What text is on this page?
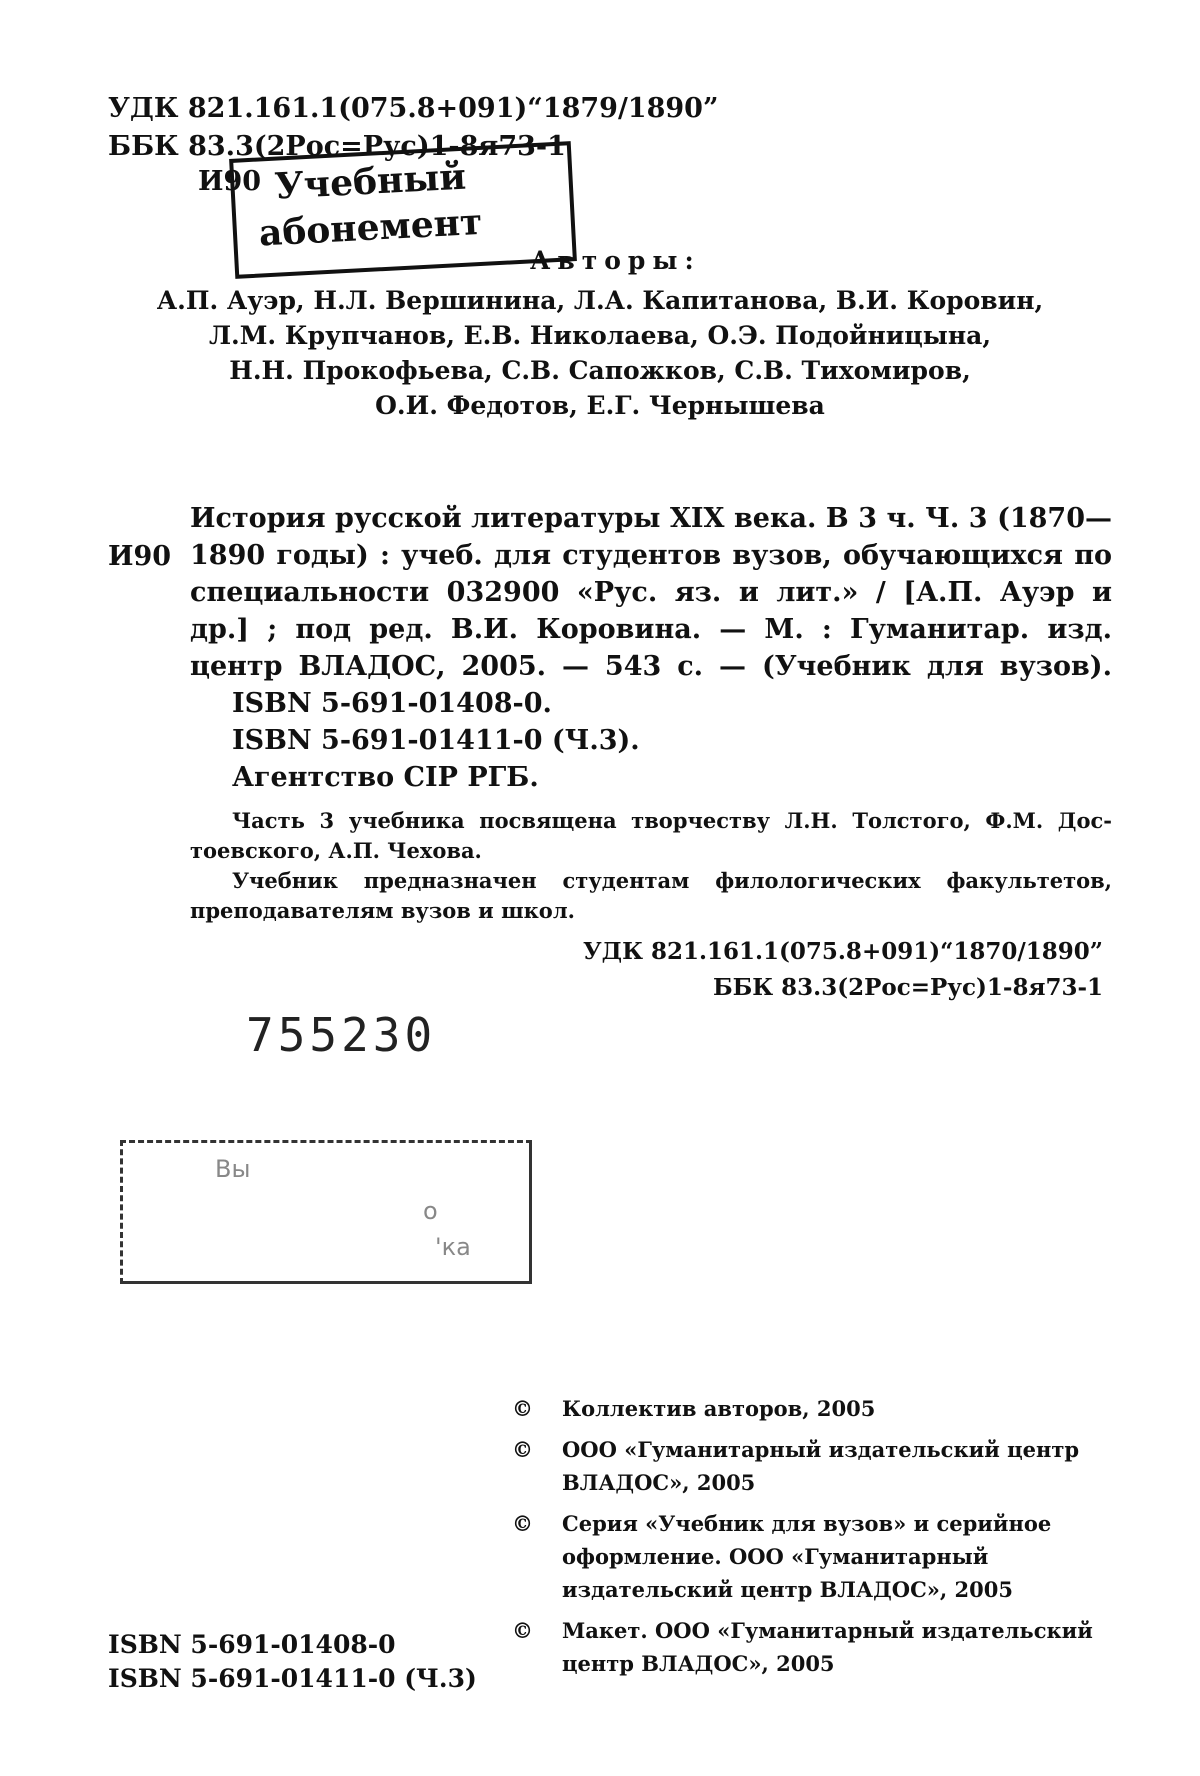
УДК 821.161.1(075.8+091)“1879/1890”
ББК 83.3(2Рос=Рус)1-8я73-1
И90 Учебный
абонемент
Авторы:
А.П. Ауэр, Н.Л. Вершинина, Л.А. Капитанова, В.И. Коровин,
Л.М. Крупчанов, Е.В. Николаева, О.Э. Подойницына,
Н.Н. Прокофьева, С.В. Сапожков, С.В. Тихомиров,
О.И. Федотов, Е.Г. Чернышева
И90
История русской литературы XIX века. В 3 ч. Ч. 3 (1870—
1890 годы) : учеб. для студентов вузов, обучающихся по
специальности 032900 «Рус. яз. и лит.» / [А.П. Ауэр и
др.] ; под ред. В.И. Коровина. — М. : Гуманитар. изд.
центр ВЛАДОС, 2005. — 543 с. — (Учебник для вузов).
ISBN 5-691-01408-0.
ISBN 5-691-01411-0 (Ч.3).
Агентство CIP РГБ.
Часть 3 учебника посвящена творчеству Л.Н. Толстого, Ф.М. Дос-
тоевского, А.П. Чехова.
Учебник предназначен студентам филологических факультетов,
преподавателям вузов и школ.
УДК 821.161.1(075.8+091)“1870/1890”
ББК 83.3(2Рос=Рус)1-8я73-1
755230
Вы
о
'ка
© Коллектив авторов, 2005
© ООО «Гуманитарный издательский центр
ВЛАДОС», 2005
© Серия «Учебник для вузов» и серийное
оформление. ООО «Гуманитарный
издательский центр ВЛАДОС», 2005
© Макет. ООО «Гуманитарный издательский
центр ВЛАДОС», 2005
ISBN 5-691-01408-0
ISBN 5-691-01411-0 (Ч.3)
